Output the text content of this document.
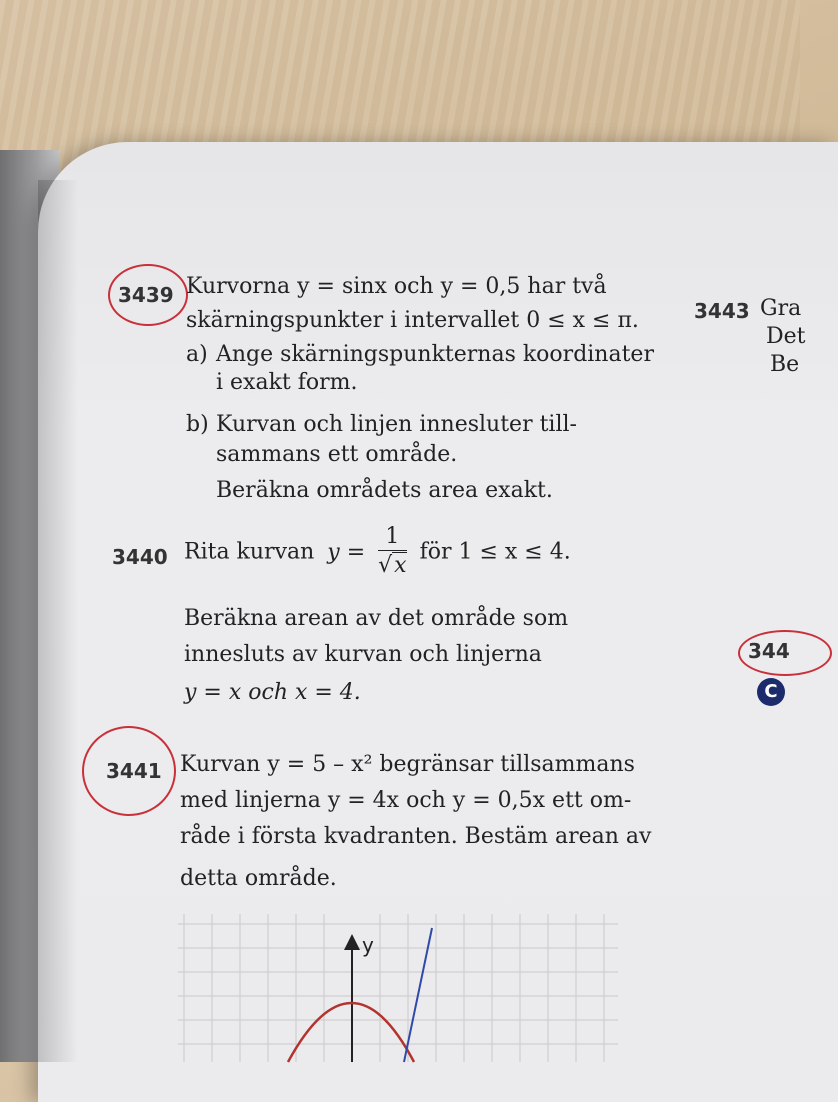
3439 Kurvorna y = sinx och y = 0,5 har två
skärningspunkter i intervallet 0 ≤ x ≤ π.
a) Ange skärningspunkternas koordinater
i exakt form.
b) Kurvan och linjen innesluter till-
sammans ett område.
Beräkna områdets area exakt.
3443 Gra
Det
Be
3440 Rita kurvan $y = \frac{1}{√x}$ för 1 ≤ x ≤ 4.
Beräkna arean av det område som
innesluts av kurvan och linjerna
y = x och x = 4.
344
C
3441 Kurvan y = 5 – x² begränsar tillsammans
med linjerna y = 4x och y = 0,5x ett om-
råde i första kvadranten. Bestäm arean av
detta område.
y
